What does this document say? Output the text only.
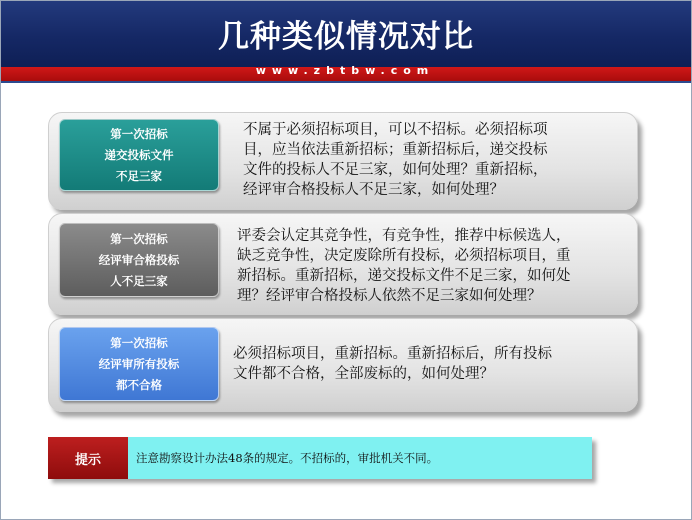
几种类似情况对比
www.zbtbw.com
第一次招标
递交投标文件
不足三家
不属于必须招标项目，可以不招标。必须招标项
目，应当依法重新招标；重新招标后，递交投标
文件的投标人不足三家，如何处理？重新招标，
经评审合格投标人不足三家，如何处理？
第一次招标
经评审合格投标
人不足三家
评委会认定其竞争性，有竞争性，推荐中标候选人，
缺乏竞争性，决定废除所有投标，必须招标项目，重
新招标。重新招标，递交投标文件不足三家，如何处
理？经评审合格投标人依然不足三家如何处理？
第一次招标
经评审所有投标
都不合格
必须招标项目，重新招标。重新招标后，所有投标
文件都不合格，全部废标的，如何处理？
提示	注意勘察设计办法48条的规定。不招标的，审批机关不同。
